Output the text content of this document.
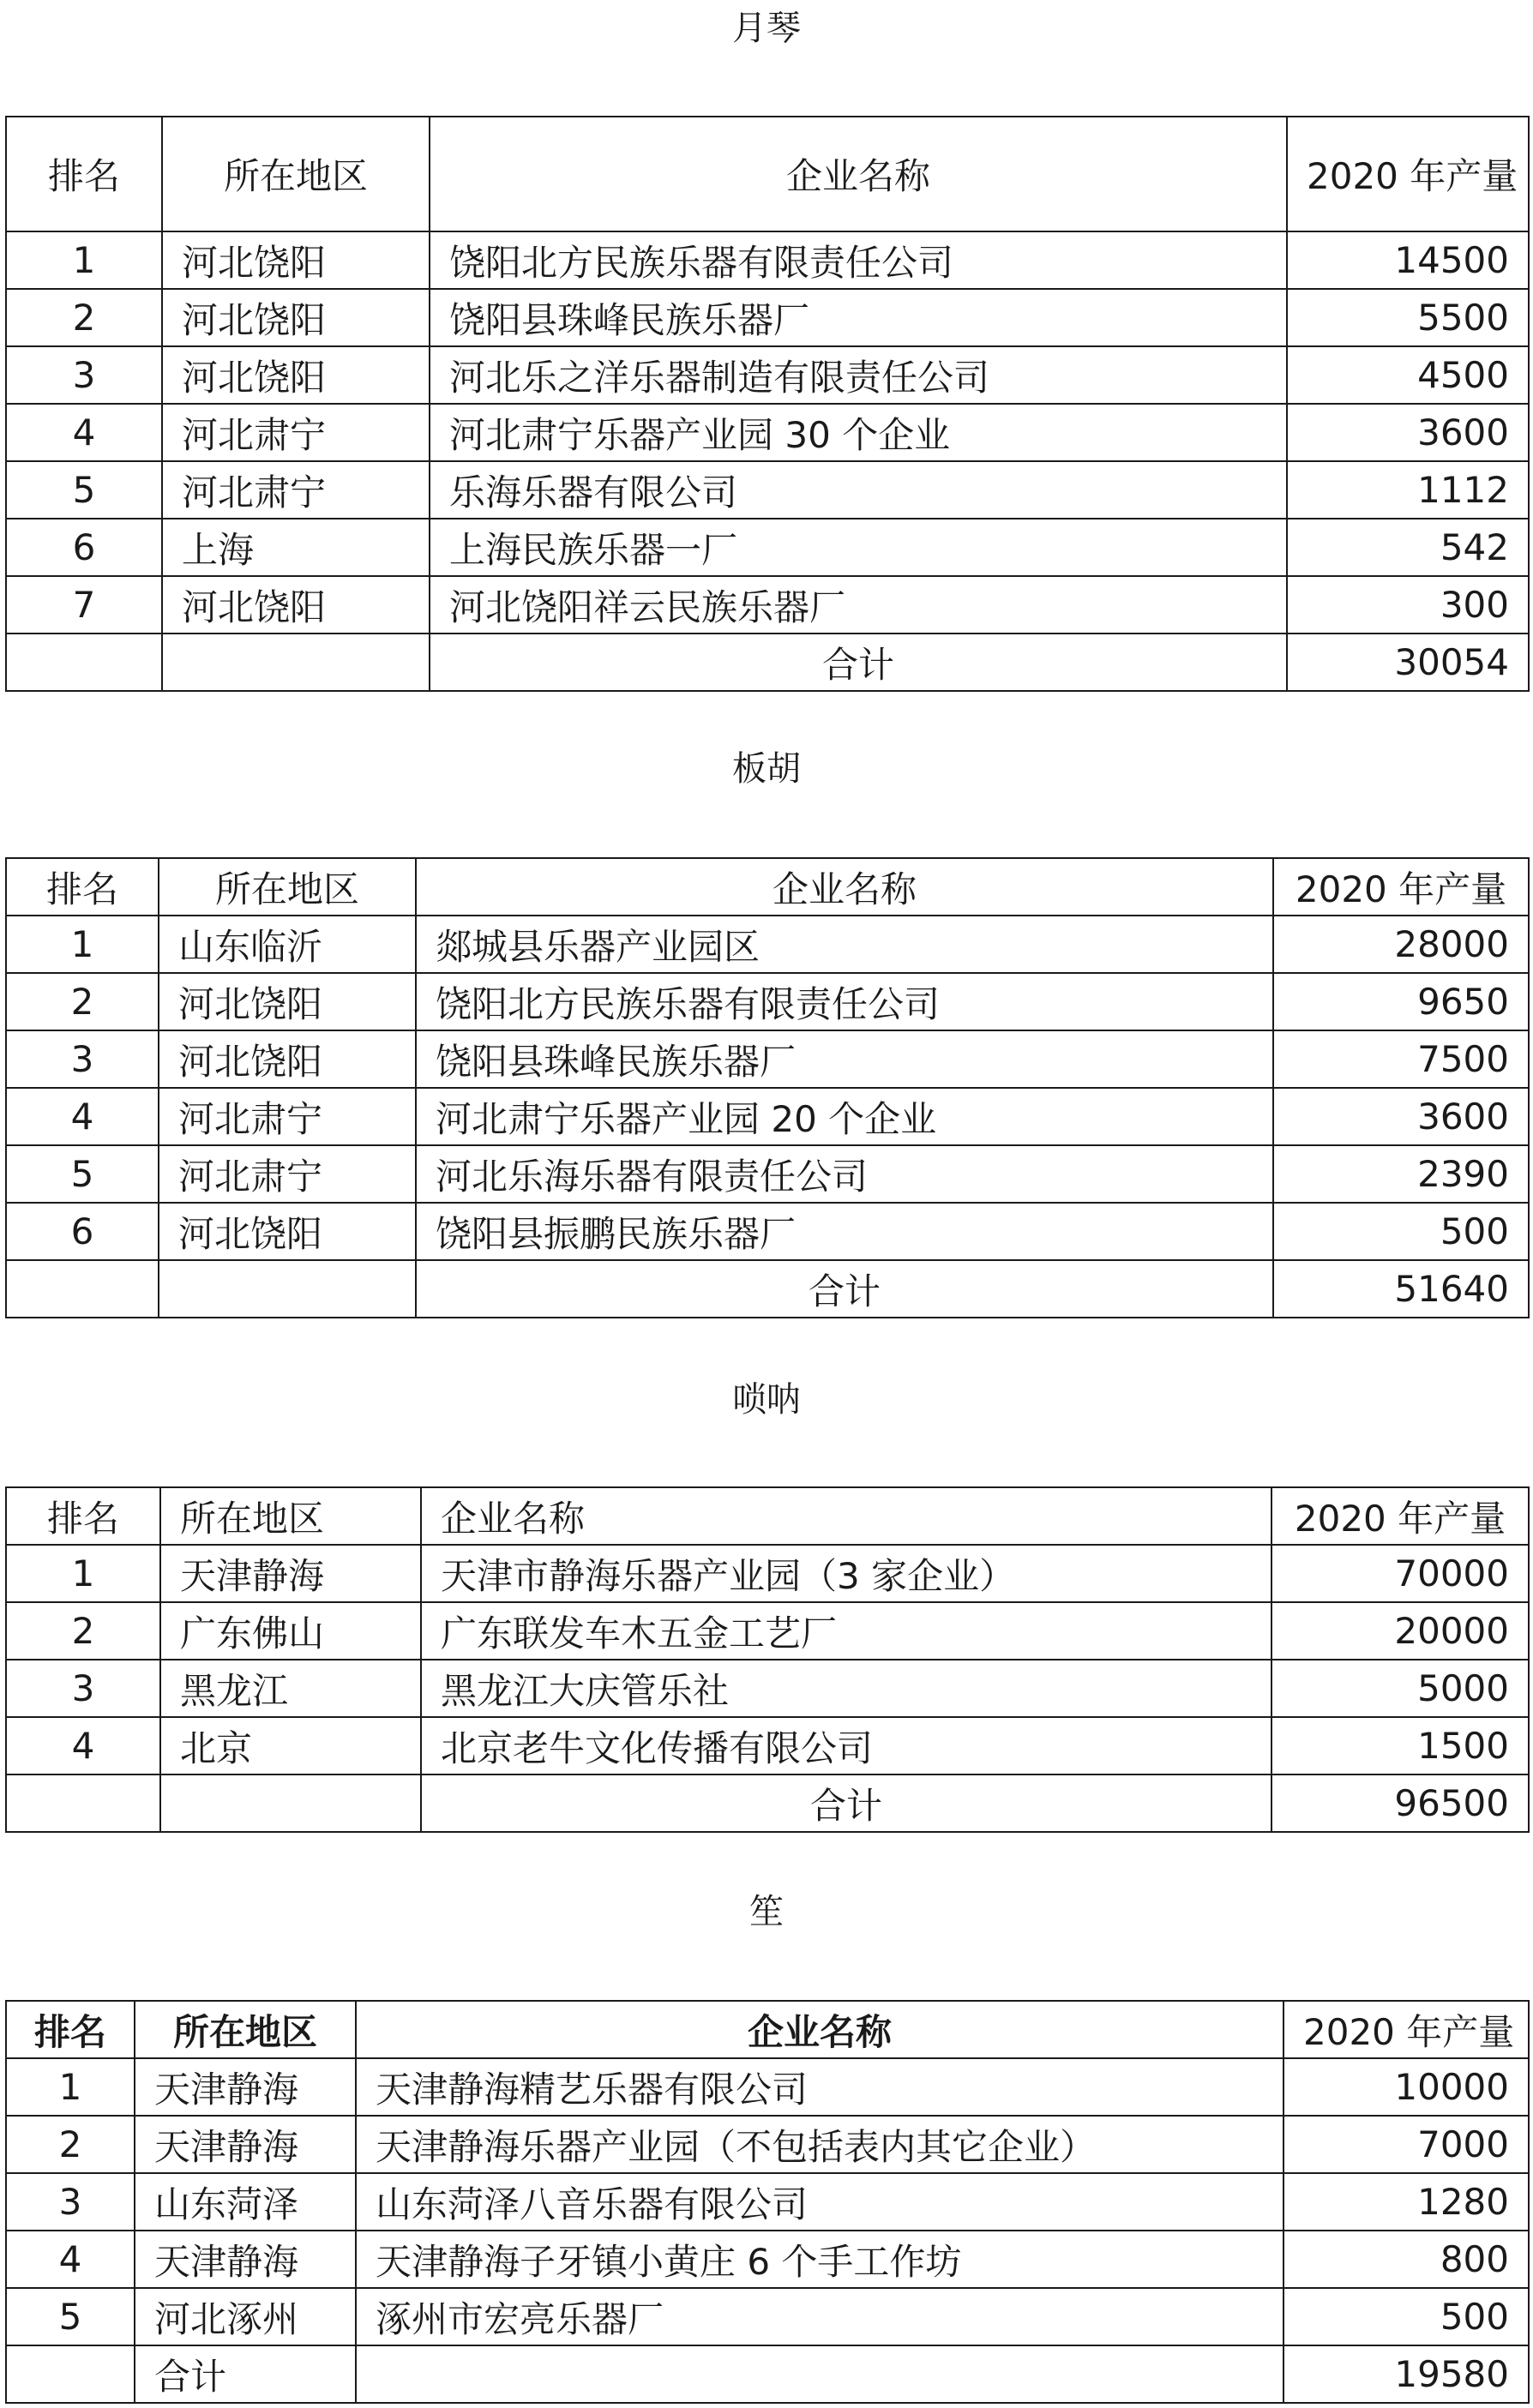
月琴
排名	所在地区	企业名称	2020 年产量
1	河北饶阳	饶阳北方民族乐器有限责任公司	14500
2	河北饶阳	饶阳县珠峰民族乐器厂	5500
3	河北饶阳	河北乐之洋乐器制造有限责任公司	4500
4	河北肃宁	河北肃宁乐器产业园 30 个企业	3600
5	河北肃宁	乐海乐器有限公司	1112
6	上海	上海民族乐器一厂	542
7	河北饶阳	河北饶阳祥云民族乐器厂	300
		合计	30054
板胡
排名	所在地区	企业名称	2020 年产量
1	山东临沂	郯城县乐器产业园区	28000
2	河北饶阳	饶阳北方民族乐器有限责任公司	9650
3	河北饶阳	饶阳县珠峰民族乐器厂	7500
4	河北肃宁	河北肃宁乐器产业园 20 个企业	3600
5	河北肃宁	河北乐海乐器有限责任公司	2390
6	河北饶阳	饶阳县振鹏民族乐器厂	500
		合计	51640
唢呐
排名	所在地区	企业名称	2020 年产量
1	天津静海	天津市静海乐器产业园（3 家企业）	70000
2	广东佛山	广东联发车木五金工艺厂	20000
3	黑龙江	黑龙江大庆管乐社	5000
4	北京	北京老牛文化传播有限公司	1500
		合计	96500
笙
排名	所在地区	企业名称	2020 年产量
1	天津静海	天津静海精艺乐器有限公司	10000
2	天津静海	天津静海乐器产业园（不包括表内其它企业）	7000
3	山东菏泽	山东菏泽八音乐器有限公司	1280
4	天津静海	天津静海子牙镇小黄庄 6 个手工作坊	800
5	河北涿州	涿州市宏亮乐器厂	500
	合计		19580
